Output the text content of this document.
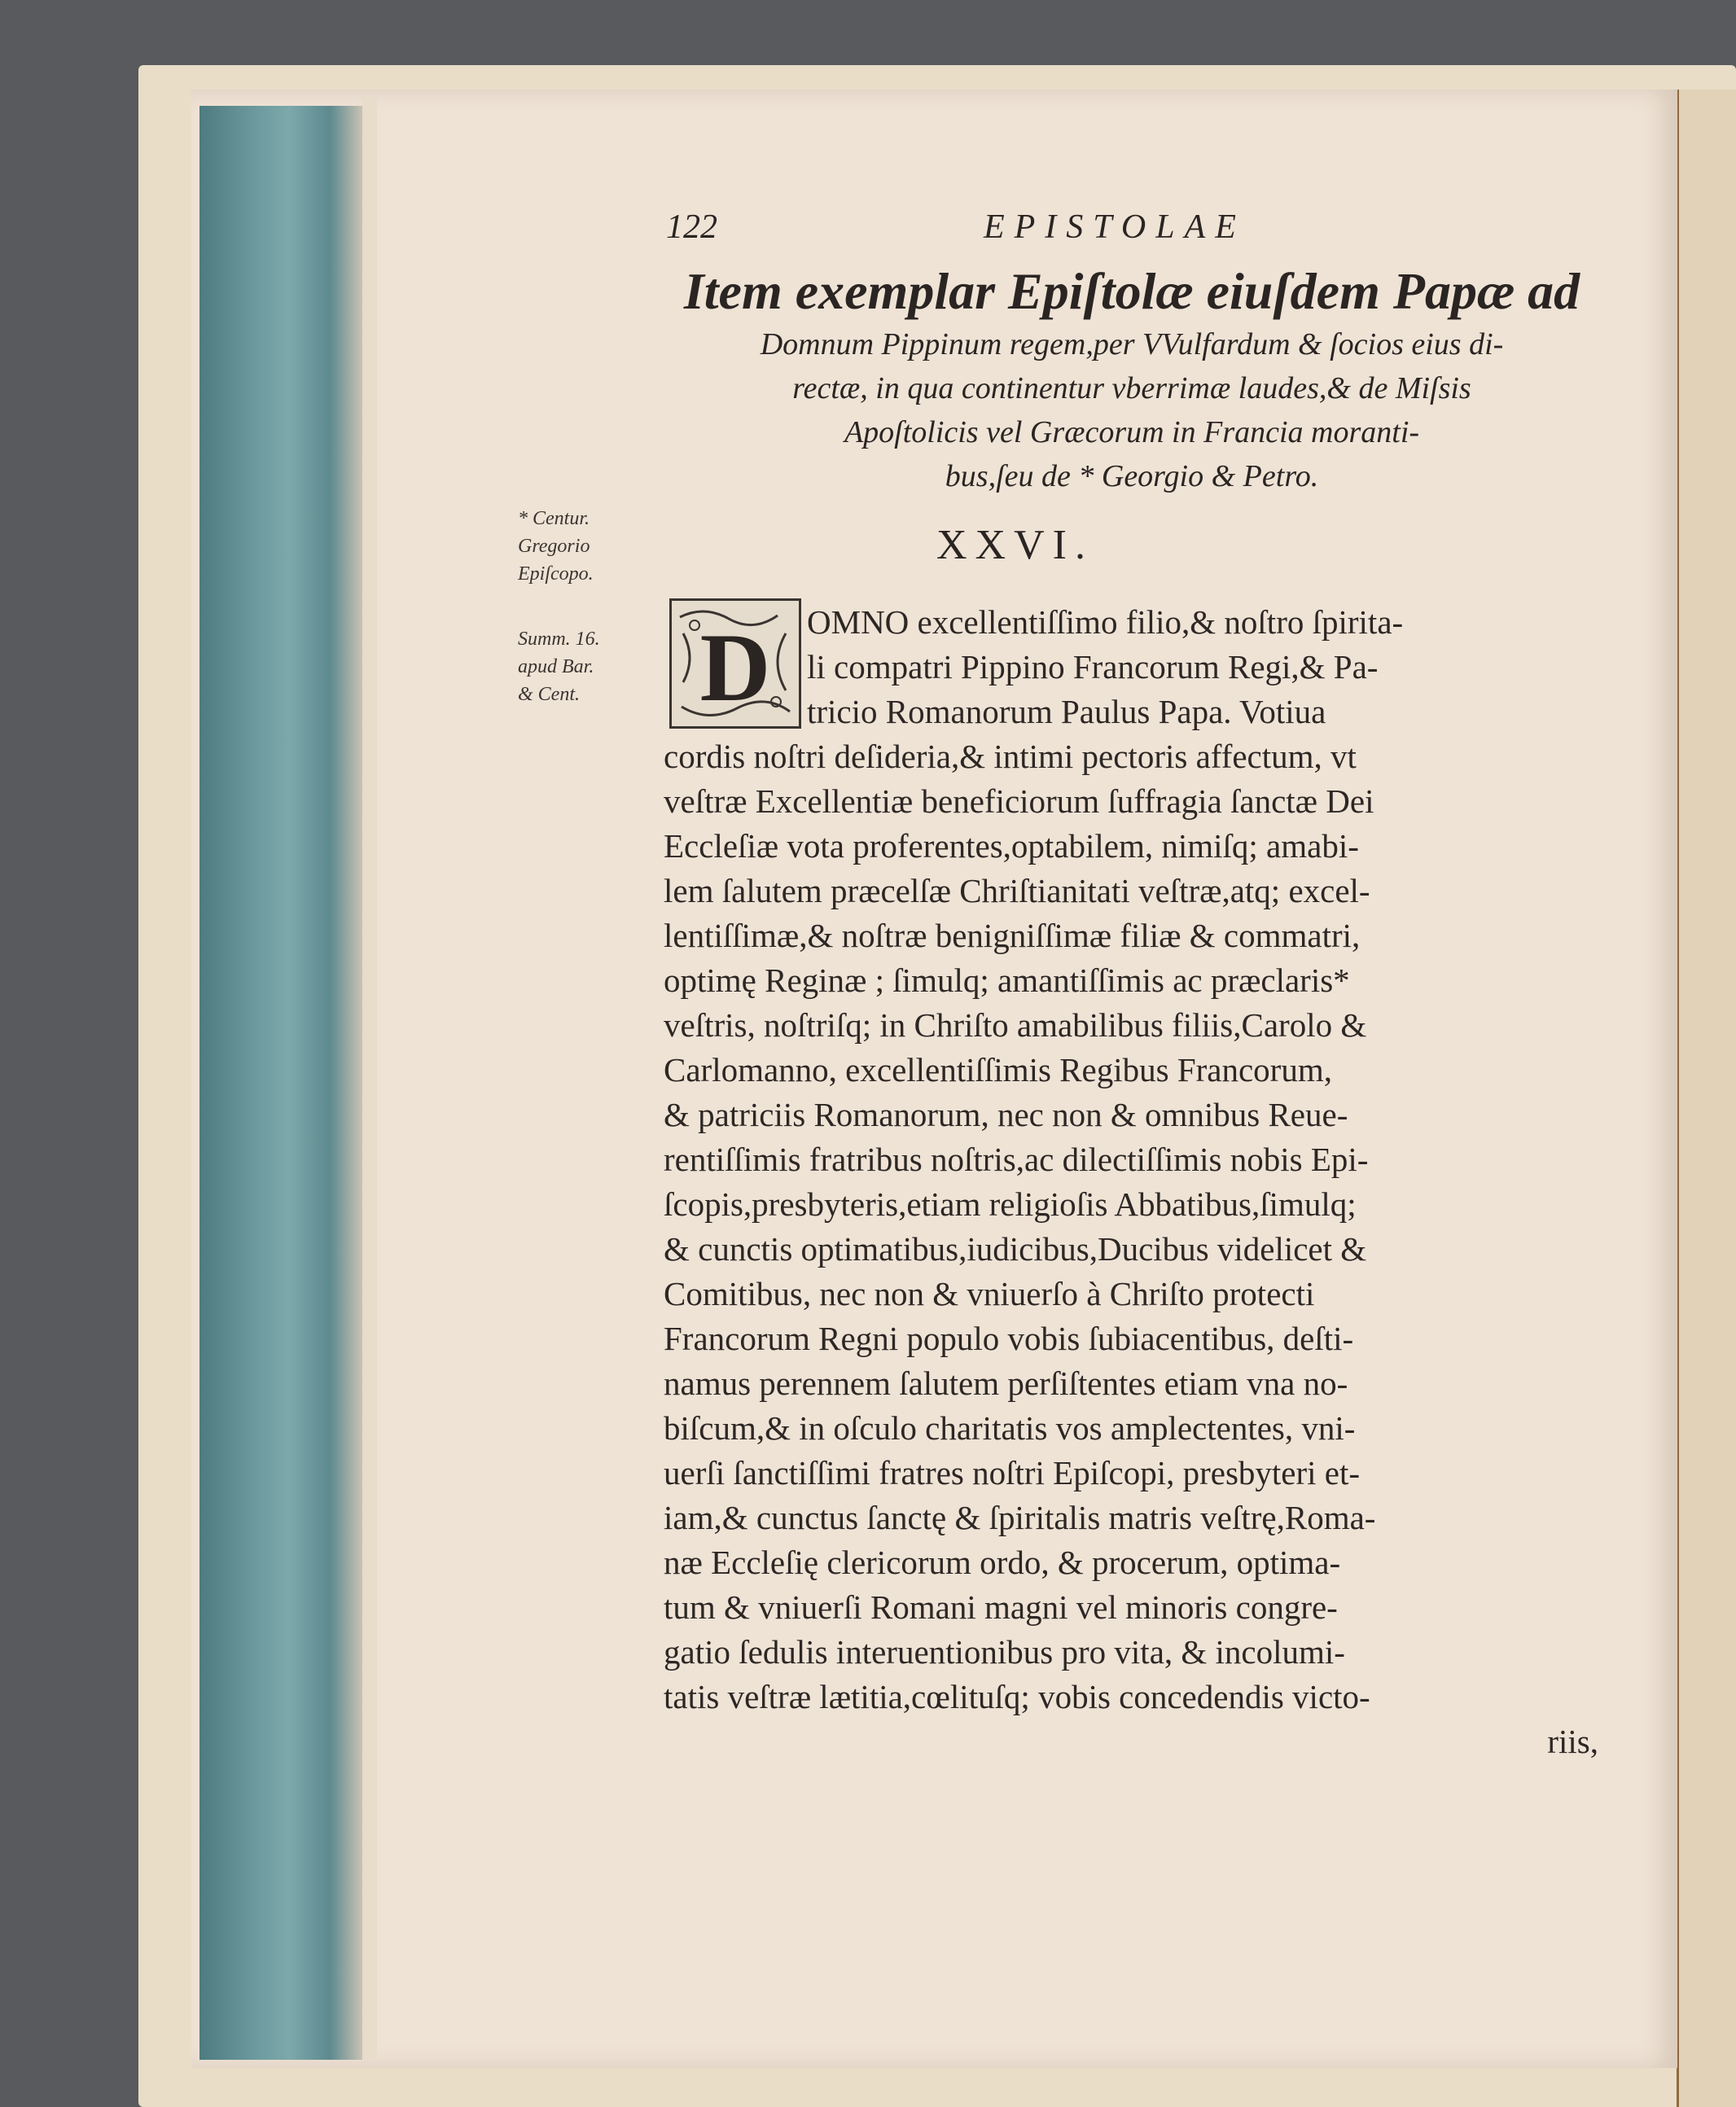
122	EPISTOLAE
Item exemplar Epiſtolæ eiuſdem Papæ ad
Domnum Pippinum regem,per VVulfardum & ſocios eius di-
rectæ, in qua continentur vberrimæ laudes,& de Miſsis
Apoſtolicis vel Græcorum in Francia moranti-
bus,ſeu de * Georgio & Petro.
XXVI.
* Centur.
Gregorio
Epiſcopo.
Summ. 16.
apud Bar.
& Cent.	D OMNO excellentiſſimo filio,& noſtro ſpirita-
li compatri Pippino Francorum Regi,& Pa-
tricio Romanorum Paulus Papa. Votiua
cordis noſtri deſideria,& intimi pectoris affectum, vt
veſtræ Excellentiæ beneficiorum ſuffragia ſanctæ Dei
Eccleſiæ vota proferentes,optabilem, nimiſq; amabi-
lem ſalutem præcelſæ Chriſtianitati veſtræ,atq; excel-
lentiſſimæ,& noſtræ benigniſſimæ filiæ & commatri,
optimę Reginæ ; ſimulq; amantiſſimis ac præclaris*
veſtris, noſtriſq; in Chriſto amabilibus filiis,Carolo &
Carlomanno, excellentiſſimis Regibus Francorum,
& patriciis Romanorum, nec non & omnibus Reue-
rentiſſimis fratribus noſtris,ac dilectiſſimis nobis Epi-
ſcopis,presbyteris,etiam religioſis Abbatibus,ſimulq;
& cunctis optimatibus,iudicibus,Ducibus videlicet &
Comitibus, nec non & vniuerſo à Chriſto protecti
Francorum Regni populo vobis ſubiacentibus, deſti-
namus perennem ſalutem perſiſtentes etiam vna no-
biſcum,& in oſculo charitatis vos amplectentes, vni-
uerſi ſanctiſſimi fratres noſtri Epiſcopi, presbyteri et-
iam,& cunctus ſanctę & ſpiritalis matris veſtrę,Roma-
næ Eccleſię clericorum ordo, & procerum, optima-
tum & vniuerſi Romani magni vel minoris congre-
gatio ſedulis interuentionibus pro vita, & incolumi-
tatis veſtræ lætitia,cœlituſq; vobis concedendis victo-
riis,
